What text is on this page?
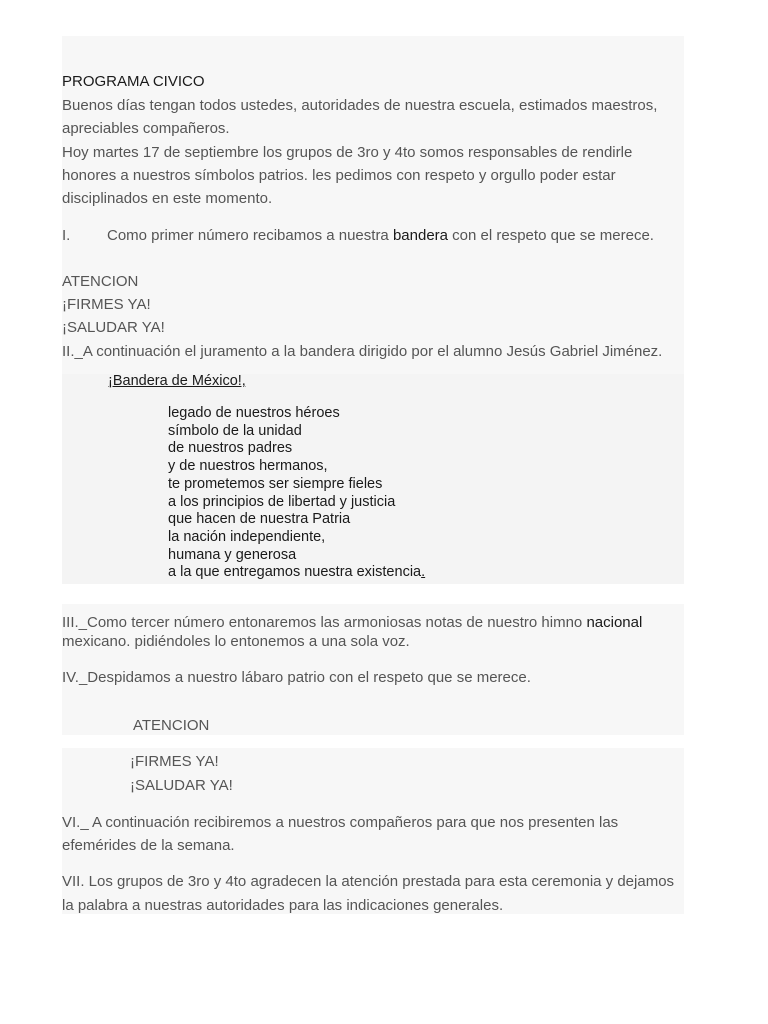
PROGRAMA CIVICO
Buenos días tengan todos ustedes, autoridades de nuestra escuela, estimados maestros,
apreciables compañeros.
Hoy martes 17 de septiembre los grupos de 3ro y 4to somos responsables de rendirle
honores a nuestros símbolos patrios. les pedimos con respeto y orgullo poder estar
disciplinados en este momento.
I. Como primer número recibamos a nuestra bandera con el respeto que se merece.
ATENCION
¡FIRMES YA!
¡SALUDAR YA!
II._A continuación el juramento a la bandera dirigido por el alumno Jesús Gabriel Jiménez.
¡Bandera de México!,
legado de nuestros héroes
símbolo de la unidad
de nuestros padres
y de nuestros hermanos,
te prometemos ser siempre fieles
a los principios de libertad y justicia
que hacen de nuestra Patria
la nación independiente,
humana y generosa
a la que entregamos nuestra existencia.
III._Como tercer número entonaremos las armoniosas notas de nuestro himno nacional
mexicano. pidiéndoles lo entonemos a una sola voz.
IV._Despidamos a nuestro lábaro patrio con el respeto que se merece.
ATENCION
¡FIRMES YA!
¡SALUDAR YA!
VI._ A continuación recibiremos a nuestros compañeros para que nos presenten las
efemérides de la semana.
VII. Los grupos de 3ro y 4to agradecen la atención prestada para esta ceremonia y dejamos
la palabra a nuestras autoridades para las indicaciones generales.
